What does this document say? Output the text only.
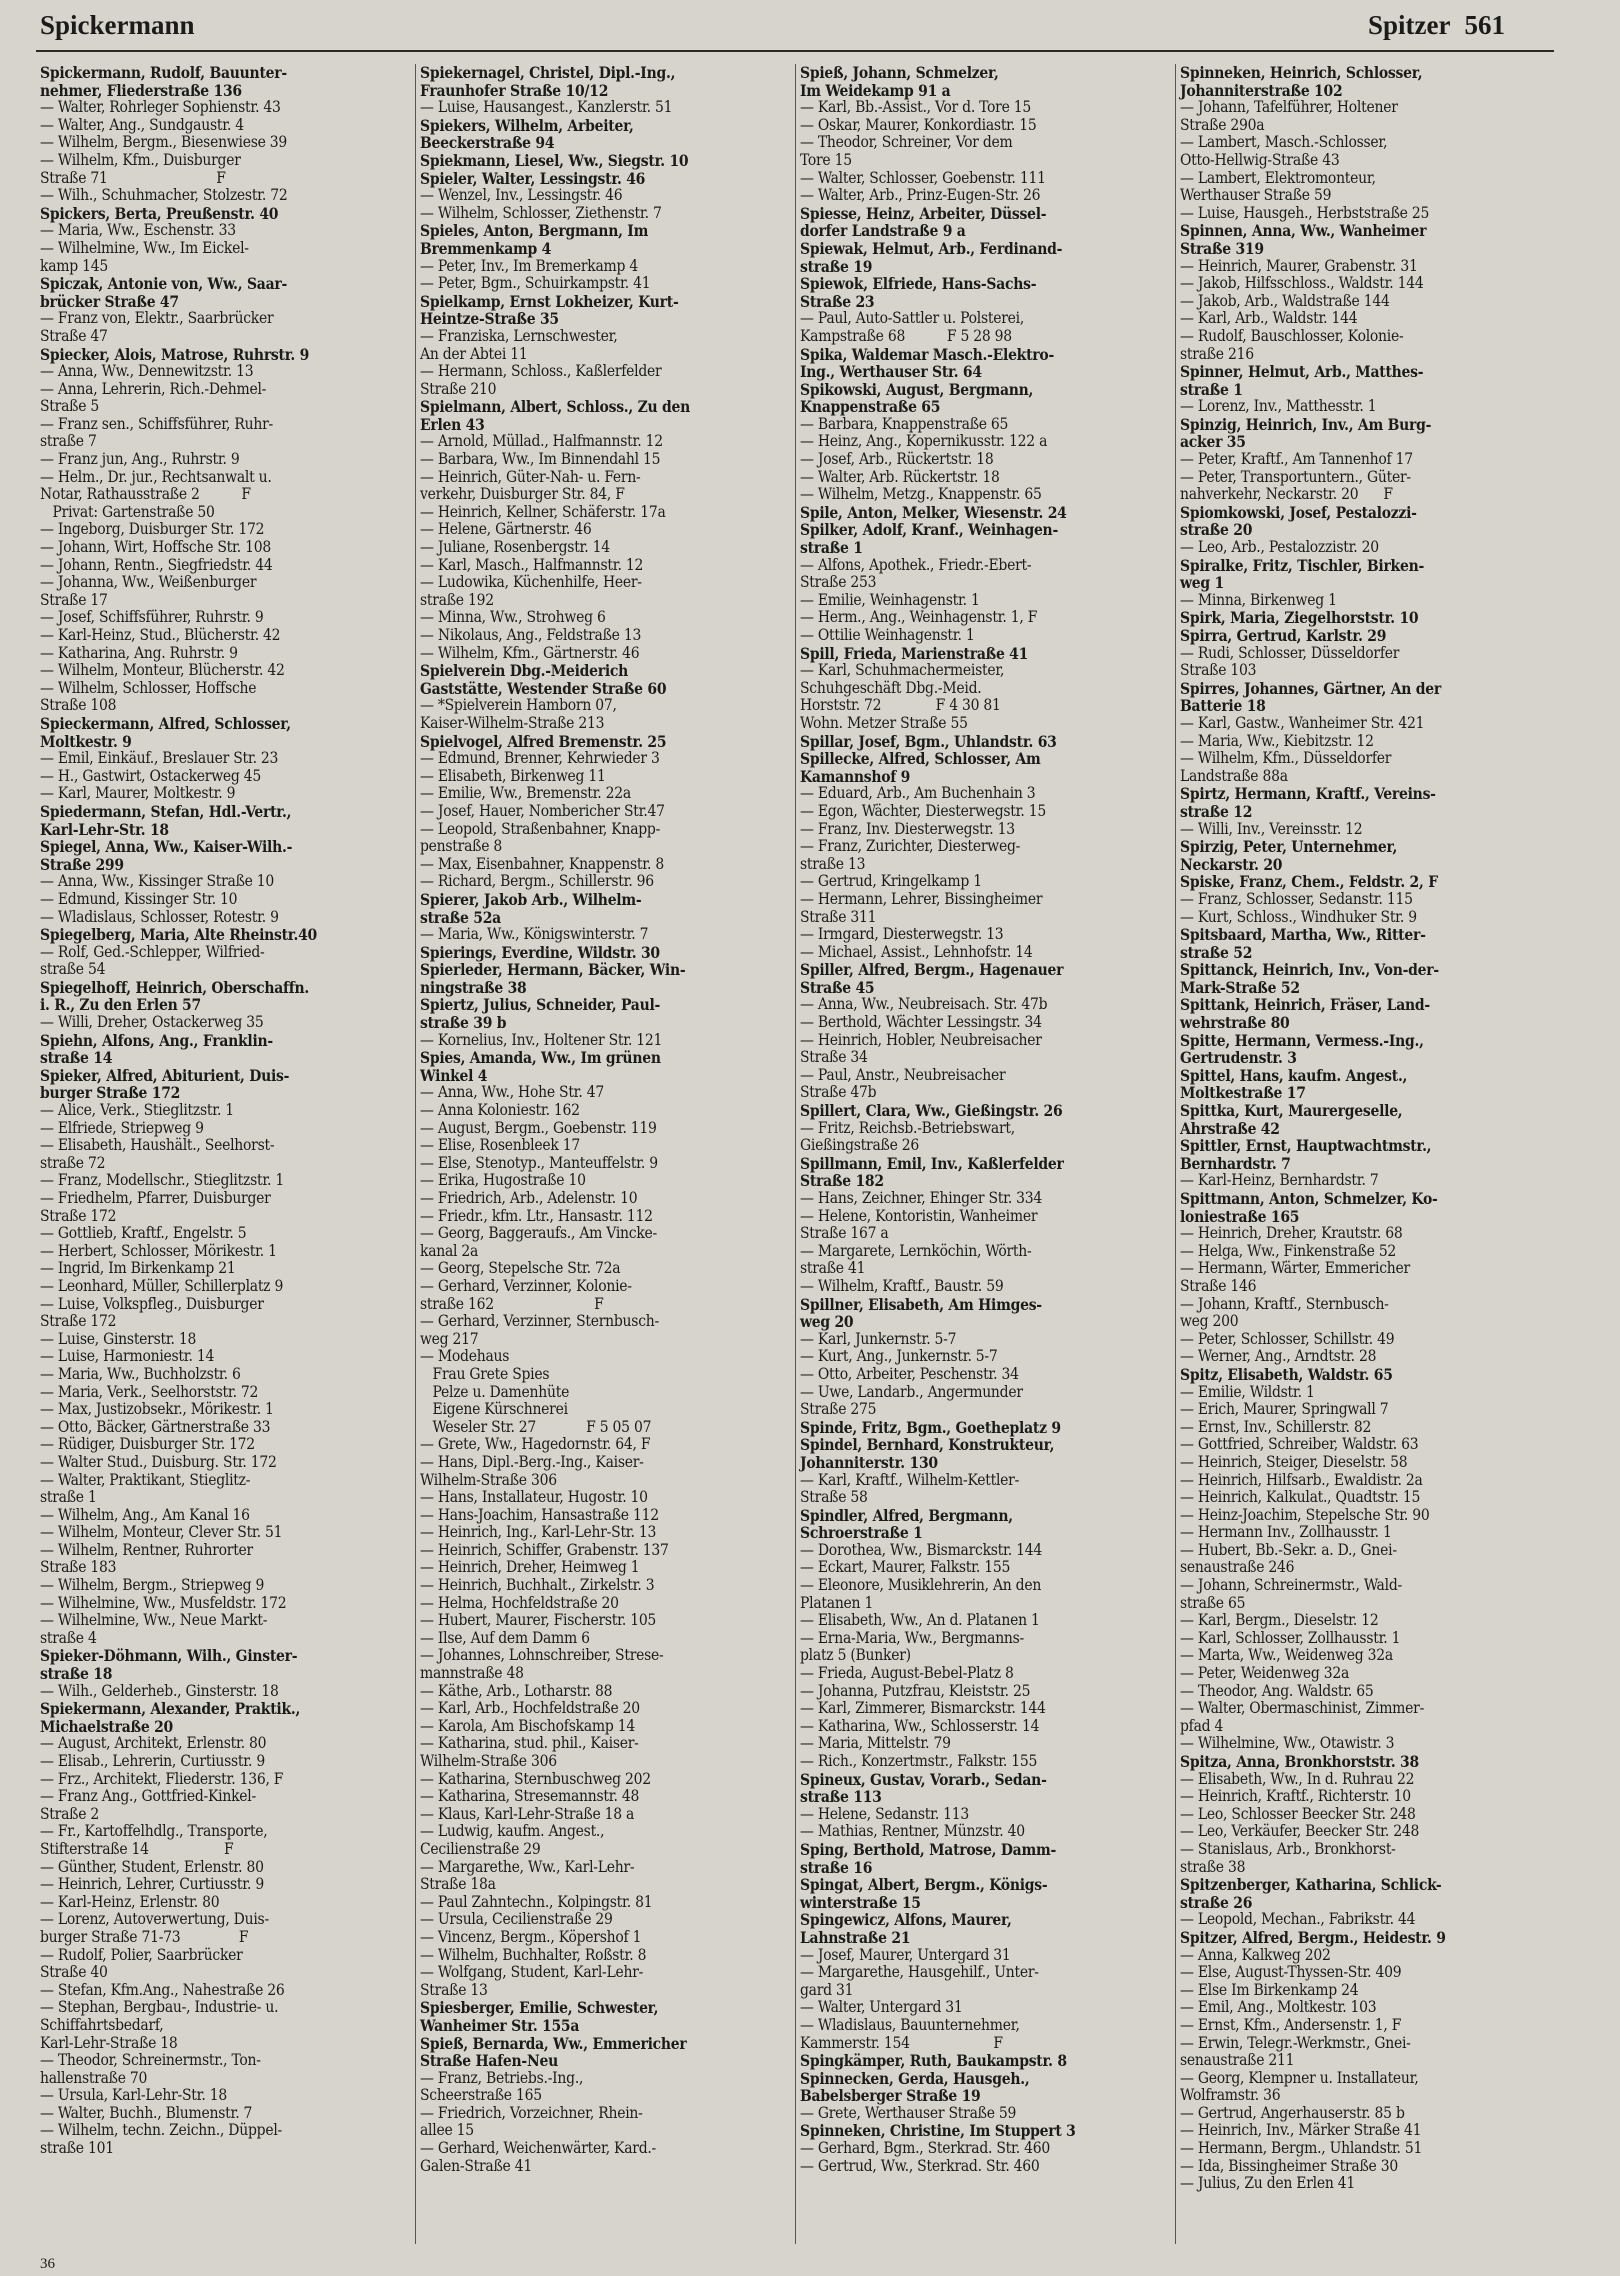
Spickermann	Spitzer 561
Spickermann, Rudolf, Bauunter-
nehmer, Fliederstraße 136
— Walter, Rohrleger Sophienstr. 43
— Walter, Ang., Sundgaustr. 4
— Wilhelm, Bergm., Biesenwiese 39
— Wilhelm, Kfm., Duisburger
Straße 71                          F
— Wilh., Schuhmacher, Stolzestr. 72
Spickers, Berta, Preußenstr. 40
— Maria, Ww., Eschenstr. 33
— Wilhelmine, Ww., Im Eickel-
kamp 145
Spiczak, Antonie von, Ww., Saar-
brücker Straße 47
— Franz von, Elektr., Saarbrücker
Straße 47
Spiecker, Alois, Matrose, Ruhrstr. 9
— Anna, Ww., Dennewitzstr. 13
— Anna, Lehrerin, Rich.-Dehmel-
Straße 5
— Franz sen., Schiffsführer, Ruhr-
straße 7
— Franz jun, Ang., Ruhrstr. 9
— Helm., Dr. jur., Rechtsanwalt u.
Notar, Rathausstraße 2          F
Privat: Gartenstraße 50
— Ingeborg, Duisburger Str. 172
— Johann, Wirt, Hoffsche Str. 108
— Johann, Rentn., Siegfriedstr. 44
— Johanna, Ww., Weißenburger
Straße 17
— Josef, Schiffsführer, Ruhrstr. 9
— Karl-Heinz, Stud., Blücherstr. 42
— Katharina, Ang. Ruhrstr. 9
— Wilhelm, Monteur, Blücherstr. 42
— Wilhelm, Schlosser, Hoffsche
Straße 108
Spieckermann, Alfred, Schlosser,
Moltkestr. 9
— Emil, Einkäuf., Breslauer Str. 23
— H., Gastwirt, Ostackerweg 45
— Karl, Maurer, Moltkestr. 9
Spiedermann, Stefan, Hdl.-Vertr.,
Karl-Lehr-Str. 18
Spiegel, Anna, Ww., Kaiser-Wilh.-
Straße 299
— Anna, Ww., Kissinger Straße 10
— Edmund, Kissinger Str. 10
— Wladislaus, Schlosser, Rotestr. 9
Spiegelberg, Maria, Alte Rheinstr.40
— Rolf, Ged.-Schlepper, Wilfried-
straße 54
Spiegelhoff, Heinrich, Oberschaffn.
i. R., Zu den Erlen 57
— Willi, Dreher, Ostackerweg 35
Spiehn, Alfons, Ang., Franklin-
straße 14
Spieker, Alfred, Abiturient, Duis-
burger Straße 172
— Alice, Verk., Stieglitzstr. 1
— Elfriede, Striepweg 9
— Elisabeth, Haushält., Seelhorst-
straße 72
— Franz, Modellschr., Stieglitzstr. 1
— Friedhelm, Pfarrer, Duisburger
Straße 172
— Gottlieb, Kraftf., Engelstr. 5
— Herbert, Schlosser, Mörikestr. 1
— Ingrid, Im Birkenkamp 21
— Leonhard, Müller, Schillerplatz 9
— Luise, Volkspfleg., Duisburger
Straße 172
— Luise, Ginsterstr. 18
— Luise, Harmoniestr. 14
— Maria, Ww., Buchholzstr. 6
— Maria, Verk., Seelhorststr. 72
— Max, Justizobsekr., Mörikestr. 1
— Otto, Bäcker, Gärtnerstraße 33
— Rüdiger, Duisburger Str. 172
— Walter Stud., Duisburg. Str. 172
— Walter, Praktikant, Stieglitz-
straße 1
— Wilhelm, Ang., Am Kanal 16
— Wilhelm, Monteur, Clever Str. 51
— Wilhelm, Rentner, Ruhrorter
Straße 183
— Wilhelm, Bergm., Striepweg 9
— Wilhelmine, Ww., Musfeldstr. 172
— Wilhelmine, Ww., Neue Markt-
straße 4
Spieker-Döhmann, Wilh., Ginster-
straße 18
— Wilh., Gelderheb., Ginsterstr. 18
Spiekermann, Alexander, Praktik.,
Michaelstraße 20
— August, Architekt, Erlenstr. 80
— Elisab., Lehrerin, Curtiusstr. 9
— Frz., Architekt, Fliederstr. 136, F
— Franz Ang., Gottfried-Kinkel-
Straße 2
— Fr., Kartoffelhdlg., Transporte,
Stifterstraße 14                  F
— Günther, Student, Erlenstr. 80
— Heinrich, Lehrer, Curtiusstr. 9
— Karl-Heinz, Erlenstr. 80
— Lorenz, Autoverwertung, Duis-
burger Straße 71-73              F
— Rudolf, Polier, Saarbrücker
Straße 40
— Stefan, Kfm.Ang., Nahestraße 26
— Stephan, Bergbau-, Industrie- u.
Schiffahrtsbedarf,
Karl-Lehr-Straße 18
— Theodor, Schreinermstr., Ton-
hallenstraße 70
— Ursula, Karl-Lehr-Str. 18
— Walter, Buchh., Blumenstr. 7
— Wilhelm, techn. Zeichn., Düppel-
straße 101
Spiekernagel, Christel, Dipl.-Ing.,
Fraunhofer Straße 10/12
— Luise, Hausangest., Kanzlerstr. 51
Spiekers, Wilhelm, Arbeiter,
Beeckerstraße 94
Spiekmann, Liesel, Ww., Siegstr. 10
Spieler, Walter, Lessingstr. 46
— Wenzel, Inv., Lessingstr. 46
— Wilhelm, Schlosser, Ziethenstr. 7
Spieles, Anton, Bergmann, Im
Bremmenkamp 4
— Peter, Inv., Im Bremerkamp 4
— Peter, Bgm., Schuirkampstr. 41
Spielkamp, Ernst Lokheizer, Kurt-
Heintze-Straße 35
— Franziska, Lernschwester,
An der Abtei 11
— Hermann, Schloss., Kaßlerfelder
Straße 210
Spielmann, Albert, Schloss., Zu den
Erlen 43
— Arnold, Müllad., Halfmannstr. 12
— Barbara, Ww., Im Binnendahl 15
— Heinrich, Güter-Nah- u. Fern-
verkehr, Duisburger Str. 84, F
— Heinrich, Kellner, Schäferstr. 17a
— Helene, Gärtnerstr. 46
— Juliane, Rosenbergstr. 14
— Karl, Masch., Halfmannstr. 12
— Ludowika, Küchenhilfe, Heer-
straße 192
— Minna, Ww., Strohweg 6
— Nikolaus, Ang., Feldstraße 13
— Wilhelm, Kfm., Gärtnerstr. 46
Spielverein Dbg.-Meiderich
Gaststätte, Westender Straße 60
— *Spielverein Hamborn 07,
Kaiser-Wilhelm-Straße 213
Spielvogel, Alfred Bremenstr. 25
— Edmund, Brenner, Kehrwieder 3
— Elisabeth, Birkenweg 11
— Emilie, Ww., Bremenstr. 22a
— Josef, Hauer, Nombericher Str.47
— Leopold, Straßenbahner, Knapp-
penstraße 8
— Max, Eisenbahner, Knappenstr. 8
— Richard, Bergm., Schillerstr. 96
Spierer, Jakob Arb., Wilhelm-
straße 52a
— Maria, Ww., Königswinterstr. 7
Spierings, Everdine, Wildstr. 30
Spierleder, Hermann, Bäcker, Win-
ningstraße 38
Spiertz, Julius, Schneider, Paul-
straße 39 b
— Kornelius, Inv., Holtener Str. 121
Spies, Amanda, Ww., Im grünen
Winkel 4
— Anna, Ww., Hohe Str. 47
— Anna Koloniestr. 162
— August, Bergm., Goebenstr. 119
— Elise, Rosenbleek 17
— Else, Stenotyp., Manteuffelstr. 9
— Erika, Hugostraße 10
— Friedrich, Arb., Adelenstr. 10
— Friedr., kfm. Ltr., Hansastr. 112
— Georg, Baggeraufs., Am Vincke-
kanal 2a
— Georg, Stepelsche Str. 72a
— Gerhard, Verzinner, Kolonie-
straße 162                        F
— Gerhard, Verzinner, Sternbusch-
weg 217
— Modehaus
Frau Grete Spies
Pelze u. Damenhüte
Eigene Kürschnerei
Weseler Str. 27            F 5 05 07
— Grete, Ww., Hagedornstr. 64, F
— Hans, Dipl.-Berg.-Ing., Kaiser-
Wilhelm-Straße 306
— Hans, Installateur, Hugostr. 10
— Hans-Joachim, Hansastraße 112
— Heinrich, Ing., Karl-Lehr-Str. 13
— Heinrich, Schiffer, Grabenstr. 137
— Heinrich, Dreher, Heimweg 1
— Heinrich, Buchhalt., Zirkelstr. 3
— Helma, Hochfeldstraße 20
— Hubert, Maurer, Fischerstr. 105
— Ilse, Auf dem Damm 6
— Johannes, Lohnschreiber, Strese-
mannstraße 48
— Käthe, Arb., Lotharstr. 88
— Karl, Arb., Hochfeldstraße 20
— Karola, Am Bischofskamp 14
— Katharina, stud. phil., Kaiser-
Wilhelm-Straße 306
— Katharina, Sternbuschweg 202
— Katharina, Stresemannstr. 48
— Klaus, Karl-Lehr-Straße 18 a
— Ludwig, kaufm. Angest.,
Cecilienstraße 29
— Margarethe, Ww., Karl-Lehr-
Straße 18a
— Paul Zahntechn., Kolpingstr. 81
— Ursula, Cecilienstraße 29
— Vincenz, Bergm., Köpershof 1
— Wilhelm, Buchhalter, Roßstr. 8
— Wolfgang, Student, Karl-Lehr-
Straße 13
Spiesberger, Emilie, Schwester,
Wanheimer Str. 155a
Spieß, Bernarda, Ww., Emmericher
Straße Hafen-Neu
— Franz, Betriebs.-Ing.,
Scheerstraße 165
— Friedrich, Vorzeichner, Rhein-
allee 15
— Gerhard, Weichenwärter, Kard.-
Galen-Straße 41
Spieß, Johann, Schmelzer,
Im Weidekamp 91 a
— Karl, Bb.-Assist., Vor d. Tore 15
— Oskar, Maurer, Konkordiastr. 15
— Theodor, Schreiner, Vor dem
Tore 15
— Walter, Schlosser, Goebenstr. 111
— Walter, Arb., Prinz-Eugen-Str. 26
Spiesse, Heinz, Arbeiter, Düssel-
dorfer Landstraße 9 a
Spiewak, Helmut, Arb., Ferdinand-
straße 19
Spiewok, Elfriede, Hans-Sachs-
Straße 23
— Paul, Auto-Sattler u. Polsterei,
Kampstraße 68          F 5 28 98
Spika, Waldemar Masch.-Elektro-
Ing., Werthauser Str. 64
Spikowski, August, Bergmann,
Knappenstraße 65
— Barbara, Knappenstraße 65
— Heinz, Ang., Kopernikusstr. 122 a
— Josef, Arb., Rückertstr. 18
— Walter, Arb. Rückertstr. 18
— Wilhelm, Metzg., Knappenstr. 65
Spile, Anton, Melker, Wiesenstr. 24
Spilker, Adolf, Kranf., Weinhagen-
straße 1
— Alfons, Apothek., Friedr.-Ebert-
Straße 253
— Emilie, Weinhagenstr. 1
— Herm., Ang., Weinhagenstr. 1, F
— Ottilie Weinhagenstr. 1
Spill, Frieda, Marienstraße 41
— Karl, Schuhmachermeister,
Schuhgeschäft Dbg.-Meid.
Horststr. 72             F 4 30 81
Wohn. Metzer Straße 55
Spillar, Josef, Bgm., Uhlandstr. 63
Spillecke, Alfred, Schlosser, Am
Kamannshof 9
— Eduard, Arb., Am Buchenhain 3
— Egon, Wächter, Diesterwegstr. 15
— Franz, Inv. Diesterwegstr. 13
— Franz, Zurichter, Diesterweg-
straße 13
— Gertrud, Kringelkamp 1
— Hermann, Lehrer, Bissingheimer
Straße 311
— Irmgard, Diesterwegstr. 13
— Michael, Assist., Lehnhofstr. 14
Spiller, Alfred, Bergm., Hagenauer
Straße 45
— Anna, Ww., Neubreisach. Str. 47b
— Berthold, Wächter Lessingstr. 34
— Heinrich, Hobler, Neubreisacher
Straße 34
— Paul, Anstr., Neubreisacher
Straße 47b
Spillert, Clara, Ww., Gießingstr. 26
— Fritz, Reichsb.-Betriebswart,
Gießingstraße 26
Spillmann, Emil, Inv., Kaßlerfelder
Straße 182
— Hans, Zeichner, Ehinger Str. 334
— Helene, Kontoristin, Wanheimer
Straße 167 a
— Margarete, Lernköchin, Wörth-
straße 41
— Wilhelm, Kraftf., Baustr. 59
Spillner, Elisabeth, Am Himges-
weg 20
— Karl, Junkernstr. 5-7
— Kurt, Ang., Junkernstr. 5-7
— Otto, Arbeiter, Peschenstr. 34
— Uwe, Landarb., Angermunder
Straße 275
Spinde, Fritz, Bgm., Goetheplatz 9
Spindel, Bernhard, Konstrukteur,
Johanniterstr. 130
— Karl, Kraftf., Wilhelm-Kettler-
Straße 58
Spindler, Alfred, Bergmann,
Schroerstraße 1
— Dorothea, Ww., Bismarckstr. 144
— Eckart, Maurer, Falkstr. 155
— Eleonore, Musiklehrerin, An den
Platanen 1
— Elisabeth, Ww., An d. Platanen 1
— Erna-Maria, Ww., Bergmanns-
platz 5 (Bunker)
— Frieda, August-Bebel-Platz 8
— Johanna, Putzfrau, Kleiststr. 25
— Karl, Zimmerer, Bismarckstr. 144
— Katharina, Ww., Schlosserstr. 14
— Maria, Mittelstr. 79
— Rich., Konzertmstr., Falkstr. 155
Spineux, Gustav, Vorarb., Sedan-
straße 113
— Helene, Sedanstr. 113
— Mathias, Rentner, Münzstr. 40
Sping, Berthold, Matrose, Damm-
straße 16
Spingat, Albert, Bergm., Königs-
winterstraße 15
Spingewicz, Alfons, Maurer,
Lahnstraße 21
— Josef, Maurer, Untergard 31
— Margarethe, Hausgehilf., Unter-
gard 31
— Walter, Untergard 31
— Wladislaus, Bauunternehmer,
Kammerstr. 154                    F
Spingkämper, Ruth, Baukampstr. 8
Spinnecken, Gerda, Hausgeh.,
Babelsberger Straße 19
— Grete, Werthauser Straße 59
Spinneken, Christine, Im Stuppert 3
— Gerhard, Bgm., Sterkrad. Str. 460
— Gertrud, Ww., Sterkrad. Str. 460
Spinneken, Heinrich, Schlosser,
Johanniterstraße 102
— Johann, Tafelführer, Holtener
Straße 290a
— Lambert, Masch.-Schlosser,
Otto-Hellwig-Straße 43
— Lambert, Elektromonteur,
Werthauser Straße 59
— Luise, Hausgeh., Herbststraße 25
Spinnen, Anna, Ww., Wanheimer
Straße 319
— Heinrich, Maurer, Grabenstr. 31
— Jakob, Hilfsschloss., Waldstr. 144
— Jakob, Arb., Waldstraße 144
— Karl, Arb., Waldstr. 144
— Rudolf, Bauschlosser, Kolonie-
straße 216
Spinner, Helmut, Arb., Matthes-
straße 1
— Lorenz, Inv., Matthesstr. 1
Spinzig, Heinrich, Inv., Am Burg-
acker 35
— Peter, Kraftf., Am Tannenhof 17
— Peter, Transportuntern., Güter-
nahverkehr, Neckarstr. 20      F
Spiomkowski, Josef, Pestalozzi-
straße 20
— Leo, Arb., Pestalozzistr. 20
Spiralke, Fritz, Tischler, Birken-
weg 1
— Minna, Birkenweg 1
Spirk, Maria, Ziegelhorststr. 10
Spirra, Gertrud, Karlstr. 29
— Rudi, Schlosser, Düsseldorfer
Straße 103
Spirres, Johannes, Gärtner, An der
Batterie 18
— Karl, Gastw., Wanheimer Str. 421
— Maria, Ww., Kiebitzstr. 12
— Wilhelm, Kfm., Düsseldorfer
Landstraße 88a
Spirtz, Hermann, Kraftf., Vereins-
straße 12
— Willi, Inv., Vereinsstr. 12
Spirzig, Peter, Unternehmer,
Neckarstr. 20
Spiske, Franz, Chem., Feldstr. 2, F
— Franz, Schlosser, Sedanstr. 115
— Kurt, Schloss., Windhuker Str. 9
Spitsbaard, Martha, Ww., Ritter-
straße 52
Spittanck, Heinrich, Inv., Von-der-
Mark-Straße 52
Spittank, Heinrich, Fräser, Land-
wehrstraße 80
Spitte, Hermann, Vermess.-Ing.,
Gertrudenstr. 3
Spittel, Hans, kaufm. Angest.,
Moltkestraße 17
Spittka, Kurt, Maurergeselle,
Ahrstraße 42
Spittler, Ernst, Hauptwachtmstr.,
Bernhardstr. 7
— Karl-Heinz, Bernhardstr. 7
Spittmann, Anton, Schmelzer, Ko-
loniestraße 165
— Heinrich, Dreher, Krautstr. 68
— Helga, Ww., Finkenstraße 52
— Hermann, Wärter, Emmericher
Straße 146
— Johann, Kraftf., Sternbusch-
weg 200
— Peter, Schlosser, Schillstr. 49
— Werner, Ang., Arndtstr. 28
Spitz, Elisabeth, Waldstr. 65
— Emilie, Wildstr. 1
— Erich, Maurer, Springwall 7
— Ernst, Inv., Schillerstr. 82
— Gottfried, Schreiber, Waldstr. 63
— Heinrich, Steiger, Dieselstr. 58
— Heinrich, Hilfsarb., Ewaldistr. 2a
— Heinrich, Kalkulat., Quadtstr. 15
— Heinz-Joachim, Stepelsche Str. 90
— Hermann Inv., Zollhausstr. 1
— Hubert, Bb.-Sekr. a. D., Gnei-
senaustraße 246
— Johann, Schreinermstr., Wald-
straße 65
— Karl, Bergm., Dieselstr. 12
— Karl, Schlosser, Zollhausstr. 1
— Marta, Ww., Weidenweg 32a
— Peter, Weidenweg 32a
— Theodor, Ang. Waldstr. 65
— Walter, Obermaschinist, Zimmer-
pfad 4
— Wilhelmine, Ww., Otawistr. 3
Spitza, Anna, Bronkhorststr. 38
— Elisabeth, Ww., In d. Ruhrau 22
— Heinrich, Kraftf., Richterstr. 10
— Leo, Schlosser Beecker Str. 248
— Leo, Verkäufer, Beecker Str. 248
— Stanislaus, Arb., Bronkhorst-
straße 38
Spitzenberger, Katharina, Schlick-
straße 26
— Leopold, Mechan., Fabrikstr. 44
Spitzer, Alfred, Bergm., Heidestr. 9
— Anna, Kalkweg 202
— Else, August-Thyssen-Str. 409
— Else Im Birkenkamp 24
— Emil, Ang., Moltkestr. 103
— Ernst, Kfm., Andersenstr. 1, F
— Erwin, Telegr.-Werkmstr., Gnei-
senaustraße 211
— Georg, Klempner u. Installateur,
Wolframstr. 36
— Gertrud, Angerhauserstr. 85 b
— Heinrich, Inv., Märker Straße 41
— Hermann, Bergm., Uhlandstr. 51
— Ida, Bissingheimer Straße 30
— Julius, Zu den Erlen 41
36
